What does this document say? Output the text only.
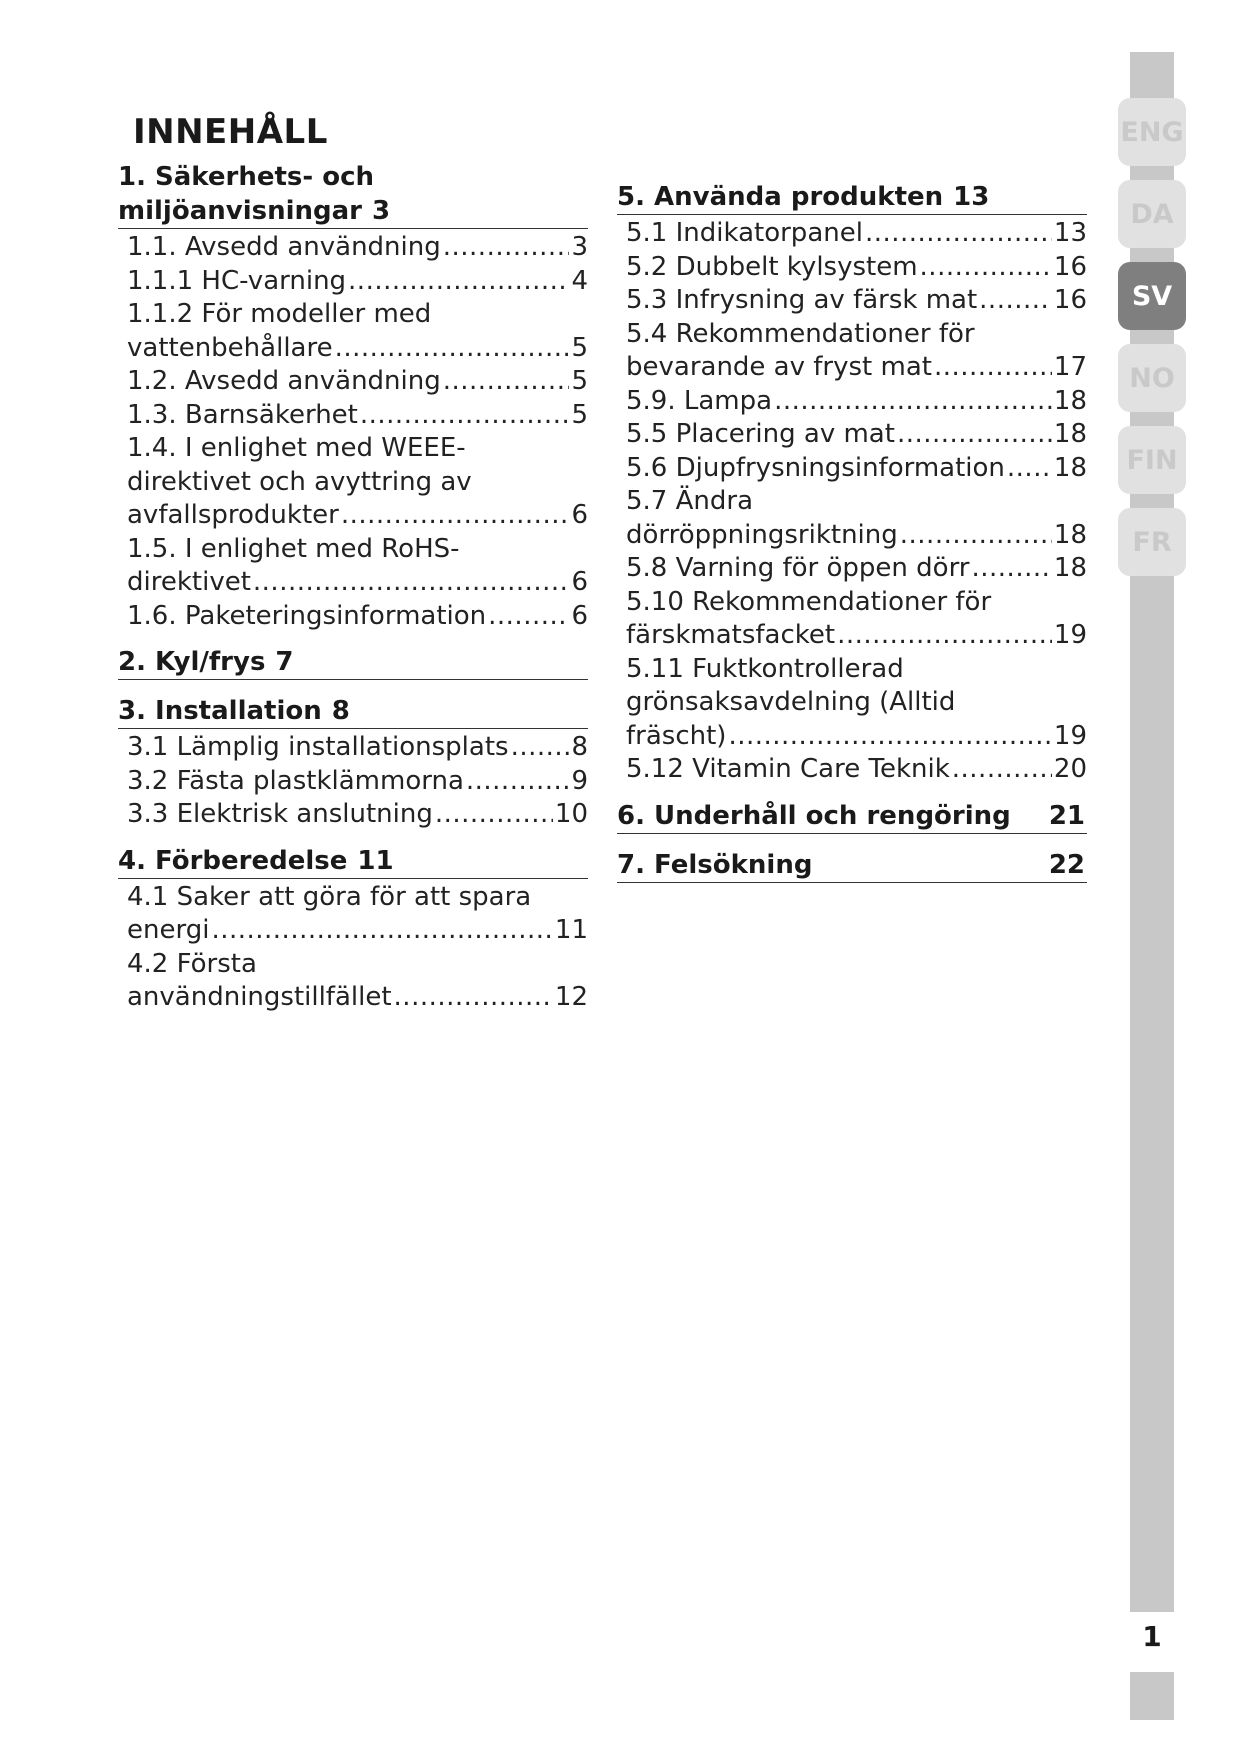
INNEHÅLL
1. Säkerhets- och
miljöanvisningar 3
1.1. Avsedd användning .....	3
1.1.1 HC-varning .....	4
1.1.2 För modeller med
vattenbehållare .....	5
1.2. Avsedd användning .....	5
1.3. Barnsäkerhet .....	5
1.4. I enlighet med WEEE-
direktivet och avyttring av
avfallsprodukter .....	6
1.5. I enlighet med RoHS-
direktivet .....	6
1.6. Paketeringsinformation .....	6
2. Kyl/frys 7
3. Installation 8
3.1 Lämplig installationsplats ..... 8
3.2 Fästa plastklämmorna .....	9
3.3 Elektrisk anslutning .....	10
4. Förberedelse 11
4.1 Saker att göra för att spara
energi .....	11
4.2 Första
användningstillfället .....	12
5. Använda produkten 13
5.1 Indikatorpanel .....	13
5.2 Dubbelt kylsystem .....	16
5.3 Infrysning av färsk mat .....	16
5.4 Rekommendationer för
bevarande av fryst mat .....	17
5.9. Lampa .....	18
5.5 Placering av mat .....	18
5.6 Djupfrysningsinformation ..... 18
5.7 Ändra
dörröppningsriktning .....	18
5.8 Varning för öppen dörr .....	18
5.10 Rekommendationer för
färskmatsfacket .....	19
5.11 Fuktkontrollerad
grönsaksavdelning (Alltid
fräscht) .....	19
5.12 Vitamin Care Teknik .....	20
6. Underhåll och rengöring 21
7. Felsökning	22
ENG
DA
SV
NO
FIN
FR
1
